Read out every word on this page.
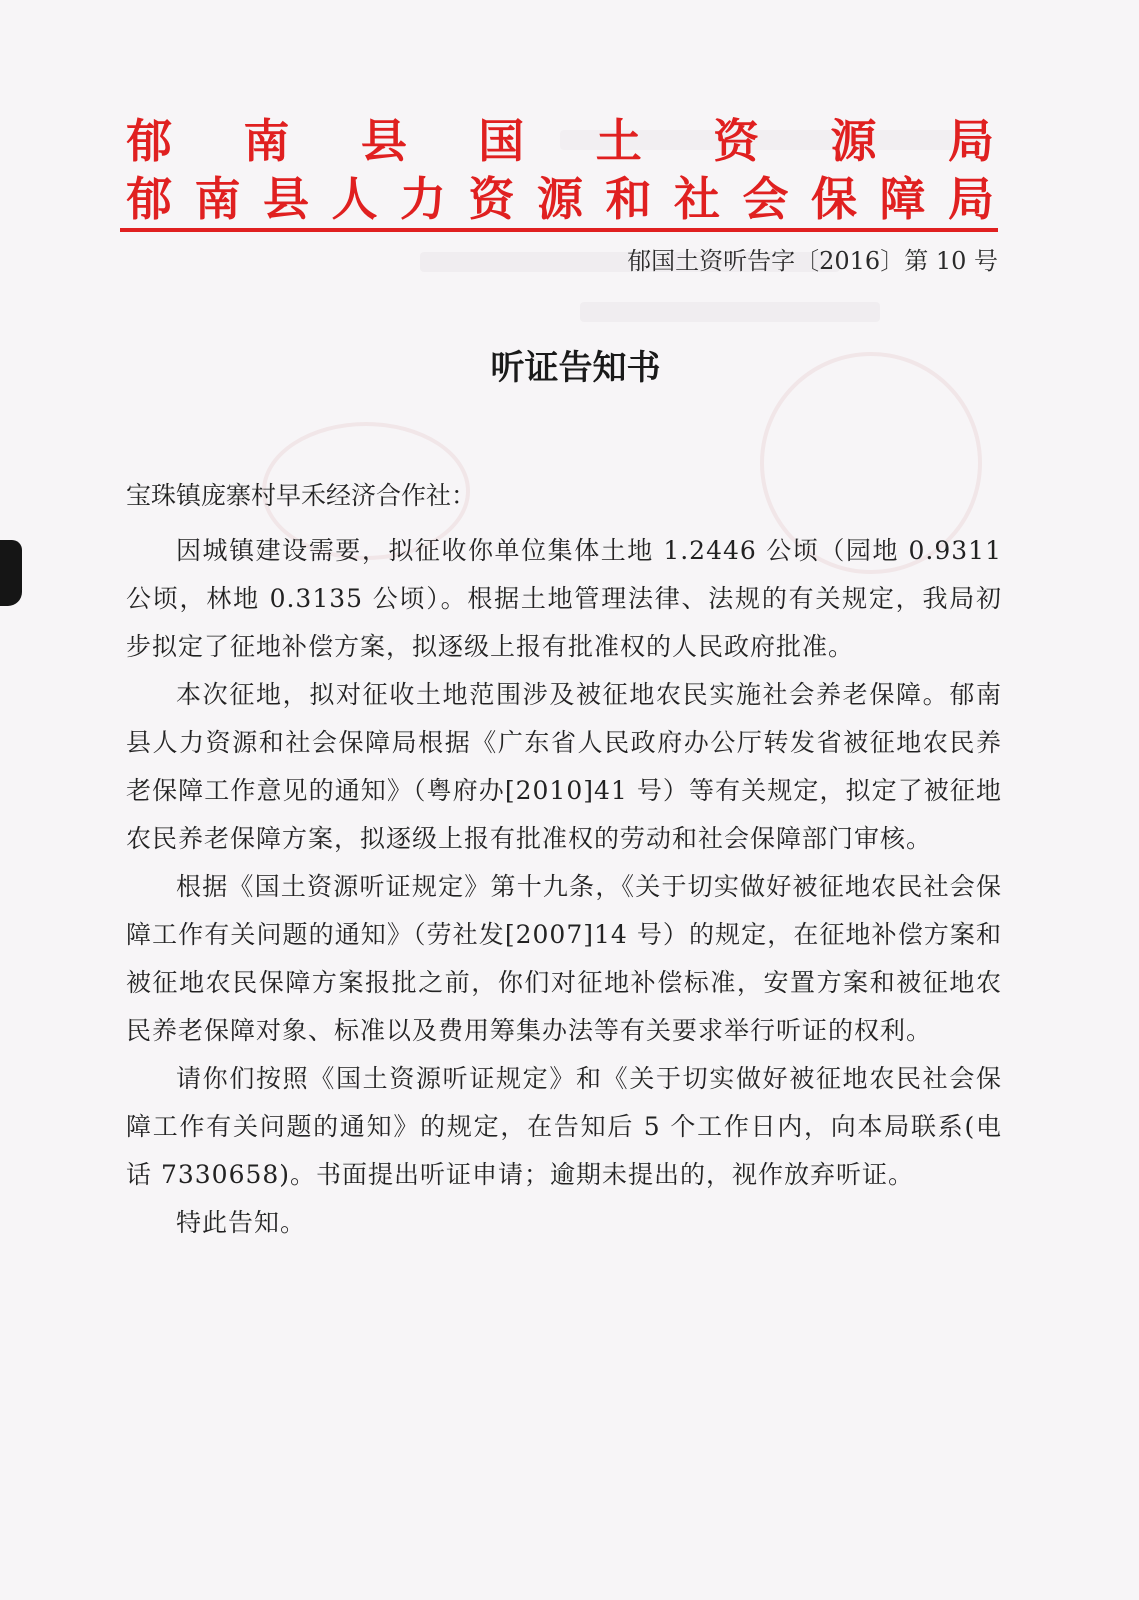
郁 南 县 国 土 资 源 局
郁 南 县 人 力 资 源 和 社 会 保 障 局
郁国土资听告字〔2016〕第 10 号
听证告知书
宝珠镇庞寨村早禾经济合作社：

因城镇建设需要，拟征收你单位集体土地 1.2446 公顷（园地 0.9311 公顷，林地 0.3135 公顷）。根据土地管理法律、法规的有关规定，我局初步拟定了征地补偿方案，拟逐级上报有批准权的人民政府批准。

本次征地，拟对征收土地范围涉及被征地农民实施社会养老保障。郁南县人力资源和社会保障局根据《广东省人民政府办公厅转发省被征地农民养老保障工作意见的通知》（粤府办[2010]41 号）等有关规定，拟定了被征地农民养老保障方案，拟逐级上报有批准权的劳动和社会保障部门审核。

根据《国土资源听证规定》第十九条，《关于切实做好被征地农民社会保障工作有关问题的通知》（劳社发[2007]14 号）的规定，在征地补偿方案和被征地农民保障方案报批之前，你们对征地补偿标准，安置方案和被征地农民养老保障对象、标准以及费用筹集办法等有关要求举行听证的权利。

请你们按照《国土资源听证规定》和《关于切实做好被征地农民社会保障工作有关问题的通知》的规定，在告知后 5 个工作日内，向本局联系(电话 7330658)。书面提出听证申请；逾期未提出的，视作放弃听证。

特此告知。
